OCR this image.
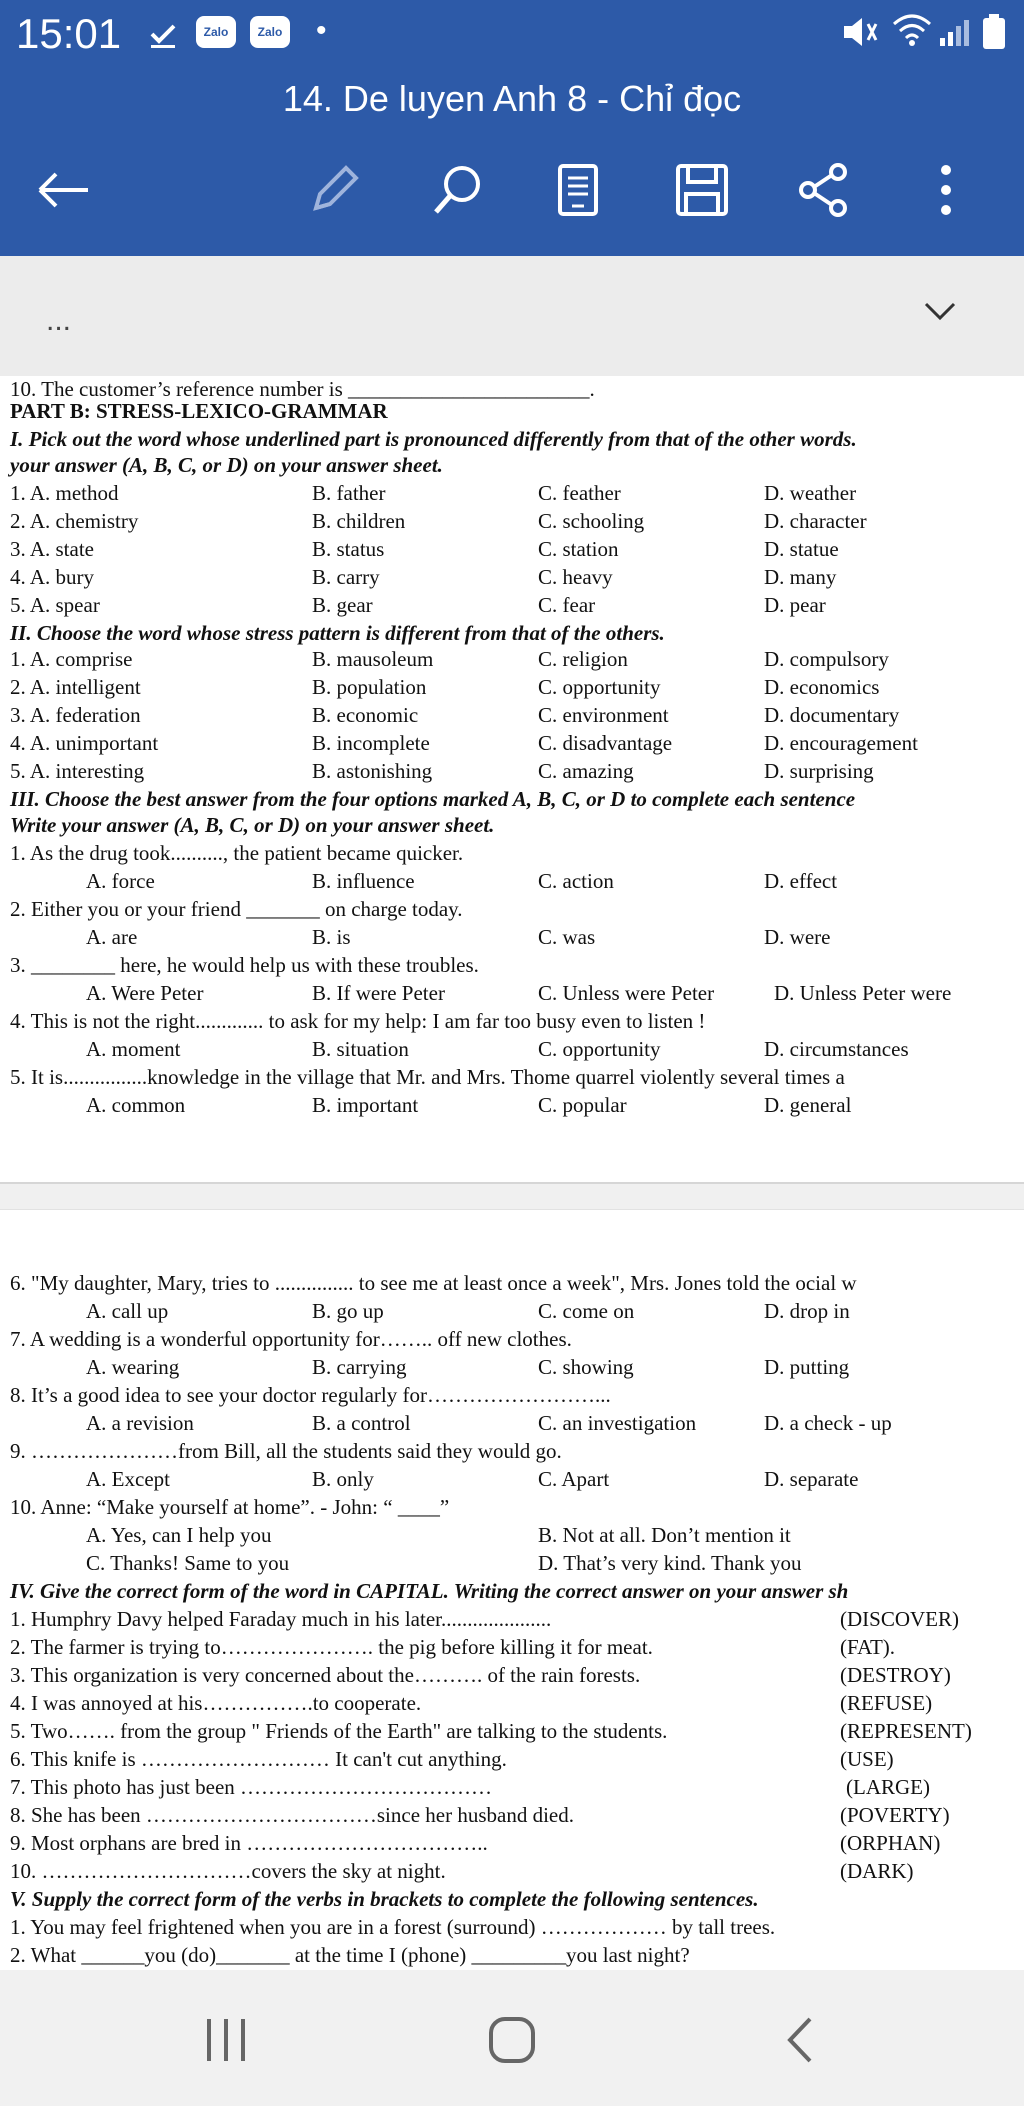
15:01	Zalo	Zalo •
14. De luyen Anh 8 - Chỉ đọc
...
10. The customer’s reference number is _______________________.
PART B: STRESS-LEXICO-GRAMMAR
I. Pick out the word whose underlined part is pronounced differently from that of the other words.
your answer (A, B, C, or D) on your answer sheet.
1. A. method	B. father	C. feather	D. weather
2. A. chemistry	B. children	C. schooling	D. character
3. A. state	B. status	C. station	D. statue
4. A. bury	B. carry	C. heavy	D. many
5. A. spear	B. gear	C. fear	D. pear
II. Choose the word whose stress pattern is different from that of the others.
1. A. comprise	B. mausoleum	C. religion	D. compulsory
2. A. intelligent	B. population	C. opportunity	D. economics
3. A. federation	B. economic	C. environment	D. documentary
4. A. unimportant	B. incomplete	C. disadvantage	D. encouragement
5. A. interesting	B. astonishing	C. amazing	D. surprising
III. Choose the best answer from the four options marked A, B, C, or D to complete each sentence
Write your answer (A, B, C, or D) on your answer sheet.
1. As the drug took.........., the patient became quicker.
A. force	B. influence	C. action	D. effect
2. Either you or your friend _______ on charge today.
A. are	B. is	C. was	D. were
3. ________ here, he would help us with these troubles.
A. Were Peter	B. If were Peter	C. Unless were Peter	D. Unless Peter were
4. This is not the right............. to ask for my help: I am far too busy even to listen !
A. moment	B. situation	C. opportunity	D. circumstances
5. It is................knowledge in the village that Mr. and Mrs. Thome quarrel violently several times a
A. common	B. important	C. popular	D. general
6. "My daughter, Mary, tries to ............... to see me at least once a week", Mrs. Jones told the ocial w
A. call up	B. go up	C. come on	D. drop in
7. A wedding is a wonderful opportunity for…….. off new clothes.
A. wearing	B. carrying	C. showing	D. putting
8. It’s a good idea to see your doctor regularly for……………………...
A. a revision	B. a control	C. an investigation	D. a check - up
9. …………………from Bill, all the students said they would go.
A. Except	B. only	C. Apart	D. separate
10. Anne: “Make yourself at home”. - John: “ ____”
A. Yes, can I help you	B. Not at all. Don’t mention it
C. Thanks! Same to you	D. That’s very kind. Thank you
IV. Give the correct form of the word in CAPITAL. Writing the correct answer on your answer sh
1. Humphry Davy helped Faraday much in his later.....................	(DISCOVER)
2. The farmer is trying to…………………. the pig before killing it for meat.	(FAT).
3. This organization is very concerned about the………. of the rain forests.	(DESTROY)
4. I was annoyed at his…………….to cooperate.	(REFUSE)
5. Two……. from the group " Friends of the Earth" are talking to the students.	(REPRESENT)
6. This knife is ……………………… It can't cut anything.	(USE)
7. This photo has just been ………………………………	(LARGE)
8. She has been ……………………………since her husband died.	(POVERTY)
9. Most orphans are bred in ……………………………..	(ORPHAN)
10. …………………………covers the sky at night.	(DARK)
V. Supply the correct form of the verbs in brackets to complete the following sentences.
1. You may feel frightened when you are in a forest (surround) ……………… by tall trees.
2. What ______you (do)_______ at the time I (phone) _________you last night?
